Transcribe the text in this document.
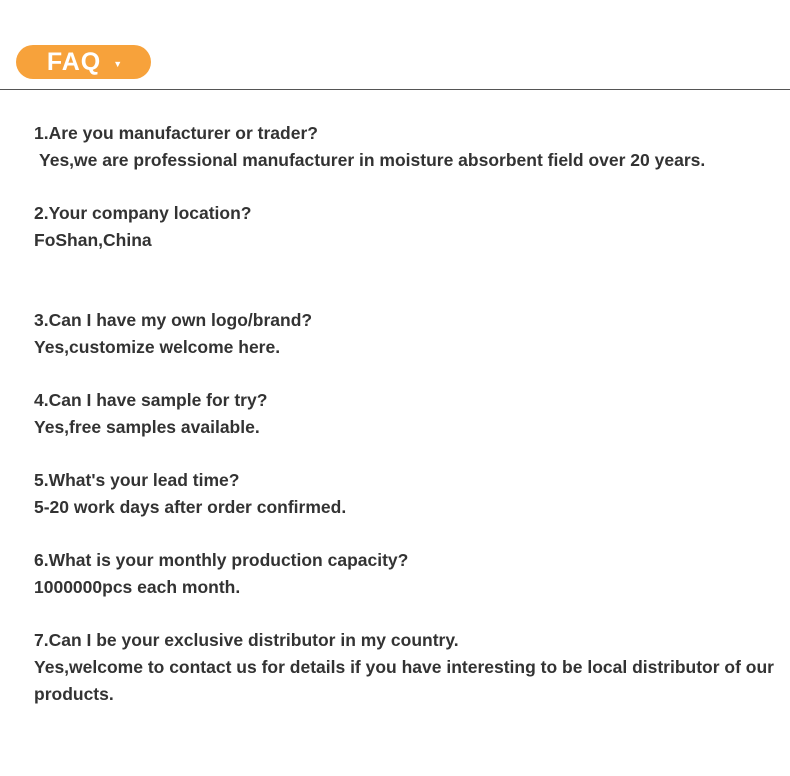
FAQ ▼

1.Are you manufacturer or trader?

Yes,we are professional manufacturer in moisture absorbent field over 20 years.

2.Your company location?

FoShan,China

3.Can I have my own logo/brand?

Yes,customize welcome here.

4.Can I have sample for try?

Yes,free samples available.

5.What's your lead time?

5-20 work days after order confirmed.

6.What is your monthly production capacity?

1000000pcs each month.

7.Can I be your exclusive distributor in my country.

Yes,welcome to contact us for details if you have interesting to be local distributor of our products.
